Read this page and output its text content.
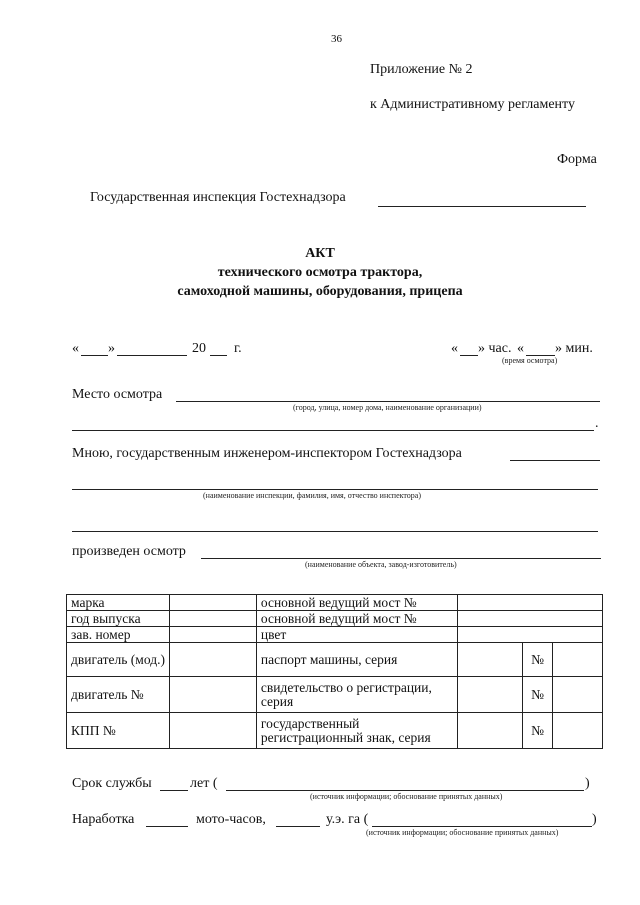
36
Приложение № 2
к Административному регламенту
Форма
Государственная инспекция Гостехнадзора
АКТ
технического осмотра трактора,
самоходной машины, оборудования, прицепа
« »	20 г.	« » час. « » мин.
(время осмотра)
Место осмотра
(город, улица, номер дома, наименование организации)
.
Мною, государственным инженером-инспектором Гостехнадзора
(наименование инспекции, фамилия, имя, отчество инспектора)
произведен осмотр
(наименование объекта, завод-изготовитель)
марка		основной ведущий мост №			
год выпуска		основной ведущий мост №			
зав. номер		цвет			
двигатель (мод.)		паспорт машины, серия		№	
двигатель №		свидетельство о регистрации, серия		№	
КПП №		государственный регистрационный знак, серия		№	
Срок службы	лет (	)
(источник информации; обоснование принятых данных)
Наработка	мото-часов,	у.э. га (	)
(источник информации; обоснование принятых данных)
